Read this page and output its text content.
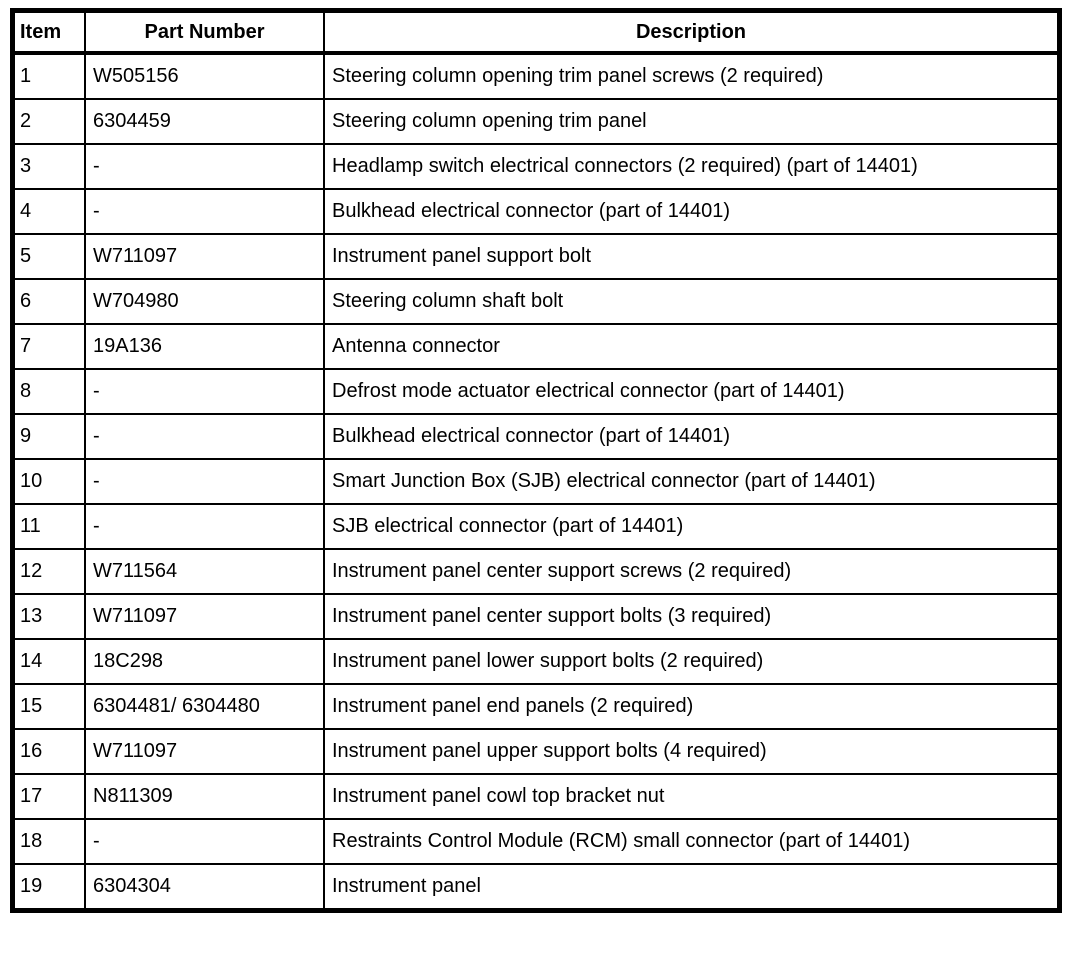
Item	Part Number	Description
1	W505156	Steering column opening trim panel screws (2 required)
2	6304459	Steering column opening trim panel
3	-	Headlamp switch electrical connectors (2 required) (part of 14401)
4	-	Bulkhead electrical connector (part of 14401)
5	W711097	Instrument panel support bolt
6	W704980	Steering column shaft bolt
7	19A136	Antenna connector
8	-	Defrost mode actuator electrical connector (part of 14401)
9	-	Bulkhead electrical connector (part of 14401)
10	-	Smart Junction Box (SJB) electrical connector (part of 14401)
11	-	SJB electrical connector (part of 14401)
12	W711564	Instrument panel center support screws (2 required)
13	W711097	Instrument panel center support bolts (3 required)
14	18C298	Instrument panel lower support bolts (2 required)
15	6304481/ 6304480	Instrument panel end panels (2 required)
16	W711097	Instrument panel upper support bolts (4 required)
17	N811309	Instrument panel cowl top bracket nut
18	-	Restraints Control Module (RCM) small connector (part of 14401)
19	6304304	Instrument panel
